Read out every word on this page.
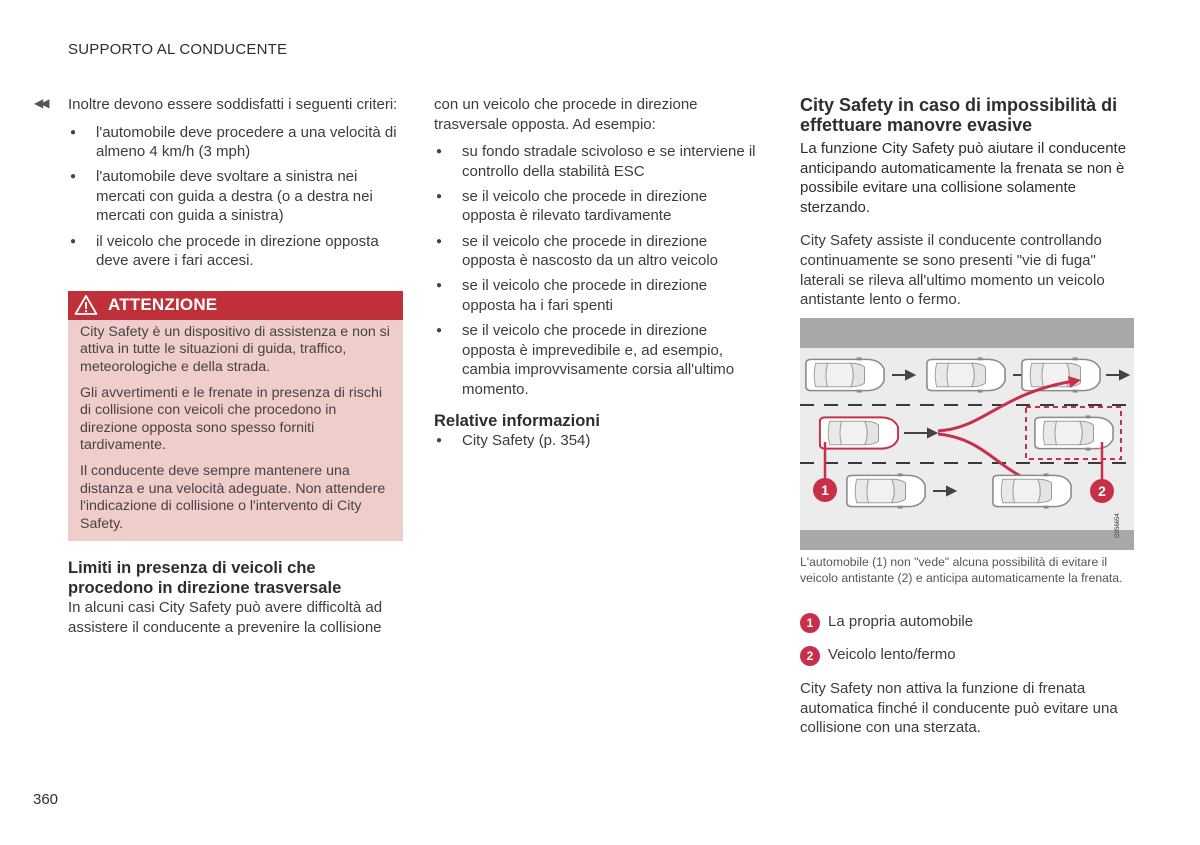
SUPPORTO AL CONDUCENTE
◀◀ Inoltre devono essere soddisfatti i seguenti criteri:

● l'automobile deve procedere a una velocità di almeno 4 km/h (3 mph)
● l'automobile deve svoltare a sinistra nei mercati con guida a destra (o a destra nei mercati con guida a sinistra)
● il veicolo che procede in direzione opposta deve avere i fari accesi.
ATTENZIONE

City Safety è un dispositivo di assistenza e non si attiva in tutte le situazioni di guida, traffico, meteorologiche e della strada.

Gli avvertimenti e le frenate in presenza di rischi di collisione con veicoli che procedono in direzione opposta sono spesso forniti tardivamente.

Il conducente deve sempre mantenere una distanza e una velocità adeguate. Non attendere l'indicazione di collisione o l'intervento di City Safety.

Limiti in presenza di veicoli che procedono in direzione trasversale

In alcuni casi City Safety può avere difficoltà ad assistere il conducente a prevenire la collisione

con un veicolo che procede in direzione trasversale opposta. Ad esempio:

● su fondo stradale scivoloso e se interviene il controllo della stabilità ESC
● se il veicolo che procede in direzione opposta è rilevato tardivamente
● se il veicolo che procede in direzione opposta è nascosto da un altro veicolo
● se il veicolo che procede in direzione opposta ha i fari spenti
● se il veicolo che procede in direzione opposta è imprevedibile e, ad esempio, cambia improvvisamente corsia all'ultimo momento.
Relative informazioni
● City Safety (p. 354)
City Safety in caso di impossibilità di effettuare manovre evasive

La funzione City Safety può aiutare il conducente anticipando automaticamente la frenata se non è possibile evitare una collisione solamente sterzando.

City Safety assiste il conducente controllando continuamente se sono presenti "vie di fuga" laterali se rileva all'ultimo momento un veicolo antistante lento o fermo.

1	2
G056654
L'automobile (1) non "vede" alcuna possibilità di evitare il veicolo antistante (2) e anticipa automaticamente la frenata.
1 La propria automobile
2 Veicolo lento/fermo
City Safety non attiva la funzione di frenata automatica finché il conducente può evitare una collisione con una sterzata.
360
